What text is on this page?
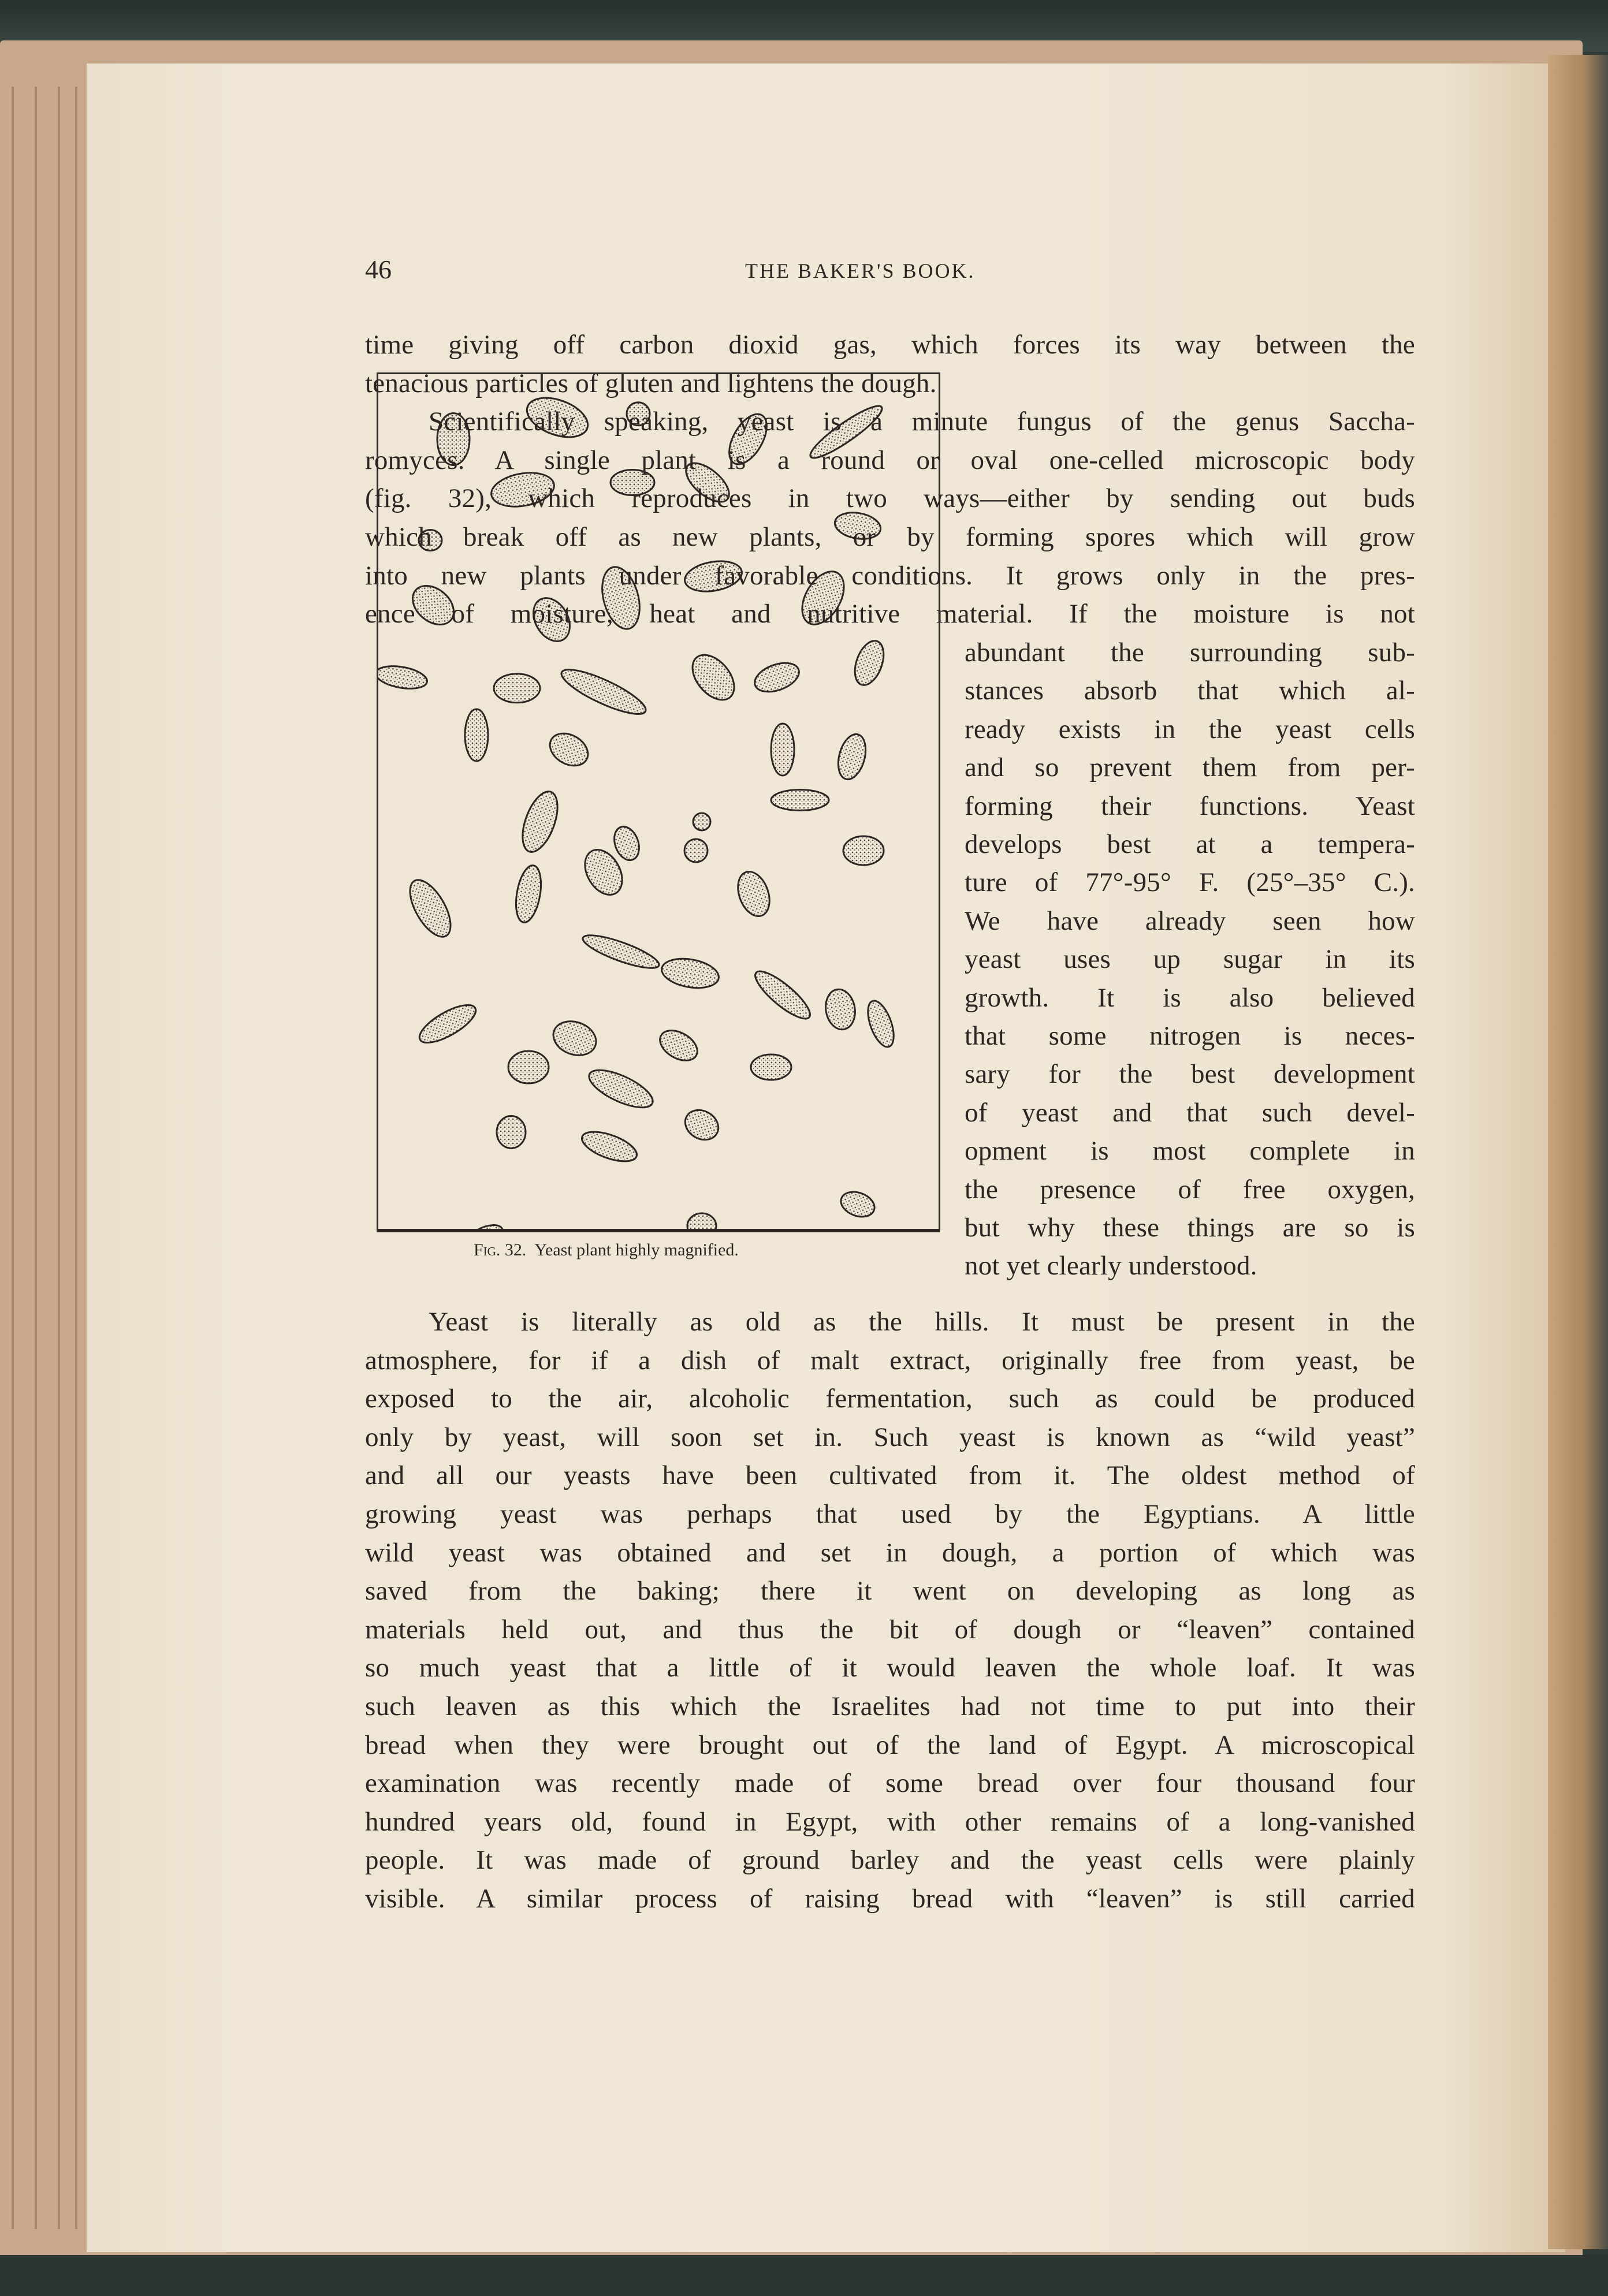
46	THE BAKER'S BOOK.
Fig. 32. Yeast plant highly magnified.
time giving off carbon dioxid gas, which forces its way between the
tenacious particles of gluten and lightens the dough.
Scientifically speaking, yeast is a minute fungus of the genus Saccha-
romyces. A single plant is a round or oval one-celled microscopic body
(fig. 32), which reproduces in two ways—either by sending out buds
which break off as new plants, or by forming spores which will grow
into new plants under favorable conditions. It grows only in the pres-
ence of moisture, heat and nutritive material. If the moisture is not
abundant the surrounding sub-
stances absorb that which al-
ready exists in the yeast cells
and so prevent them from per-
forming their functions. Yeast
develops best at a tempera-
ture of 77°-95° F. (25°–35° C.).
We have already seen how
yeast uses up sugar in its
growth. It is also believed
that some nitrogen is neces-
sary for the best development
of yeast and that such devel-
opment is most complete in
the presence of free oxygen,
but why these things are so is
not yet clearly understood.
Yeast is literally as old as the hills. It must be present in the
atmosphere, for if a dish of malt extract, originally free from yeast, be
exposed to the air, alcoholic fermentation, such as could be produced
only by yeast, will soon set in. Such yeast is known as “wild yeast”
and all our yeasts have been cultivated from it. The oldest method of
growing yeast was perhaps that used by the Egyptians. A little
wild yeast was obtained and set in dough, a portion of which was
saved from the baking; there it went on developing as long as
materials held out, and thus the bit of dough or “leaven” contained
so much yeast that a little of it would leaven the whole loaf. It was
such leaven as this which the Israelites had not time to put into their
bread when they were brought out of the land of Egypt. A microscopical
examination was recently made of some bread over four thousand four
hundred years old, found in Egypt, with other remains of a long-vanished
people. It was made of ground barley and the yeast cells were plainly
visible. A similar process of raising bread with “leaven” is still carried
